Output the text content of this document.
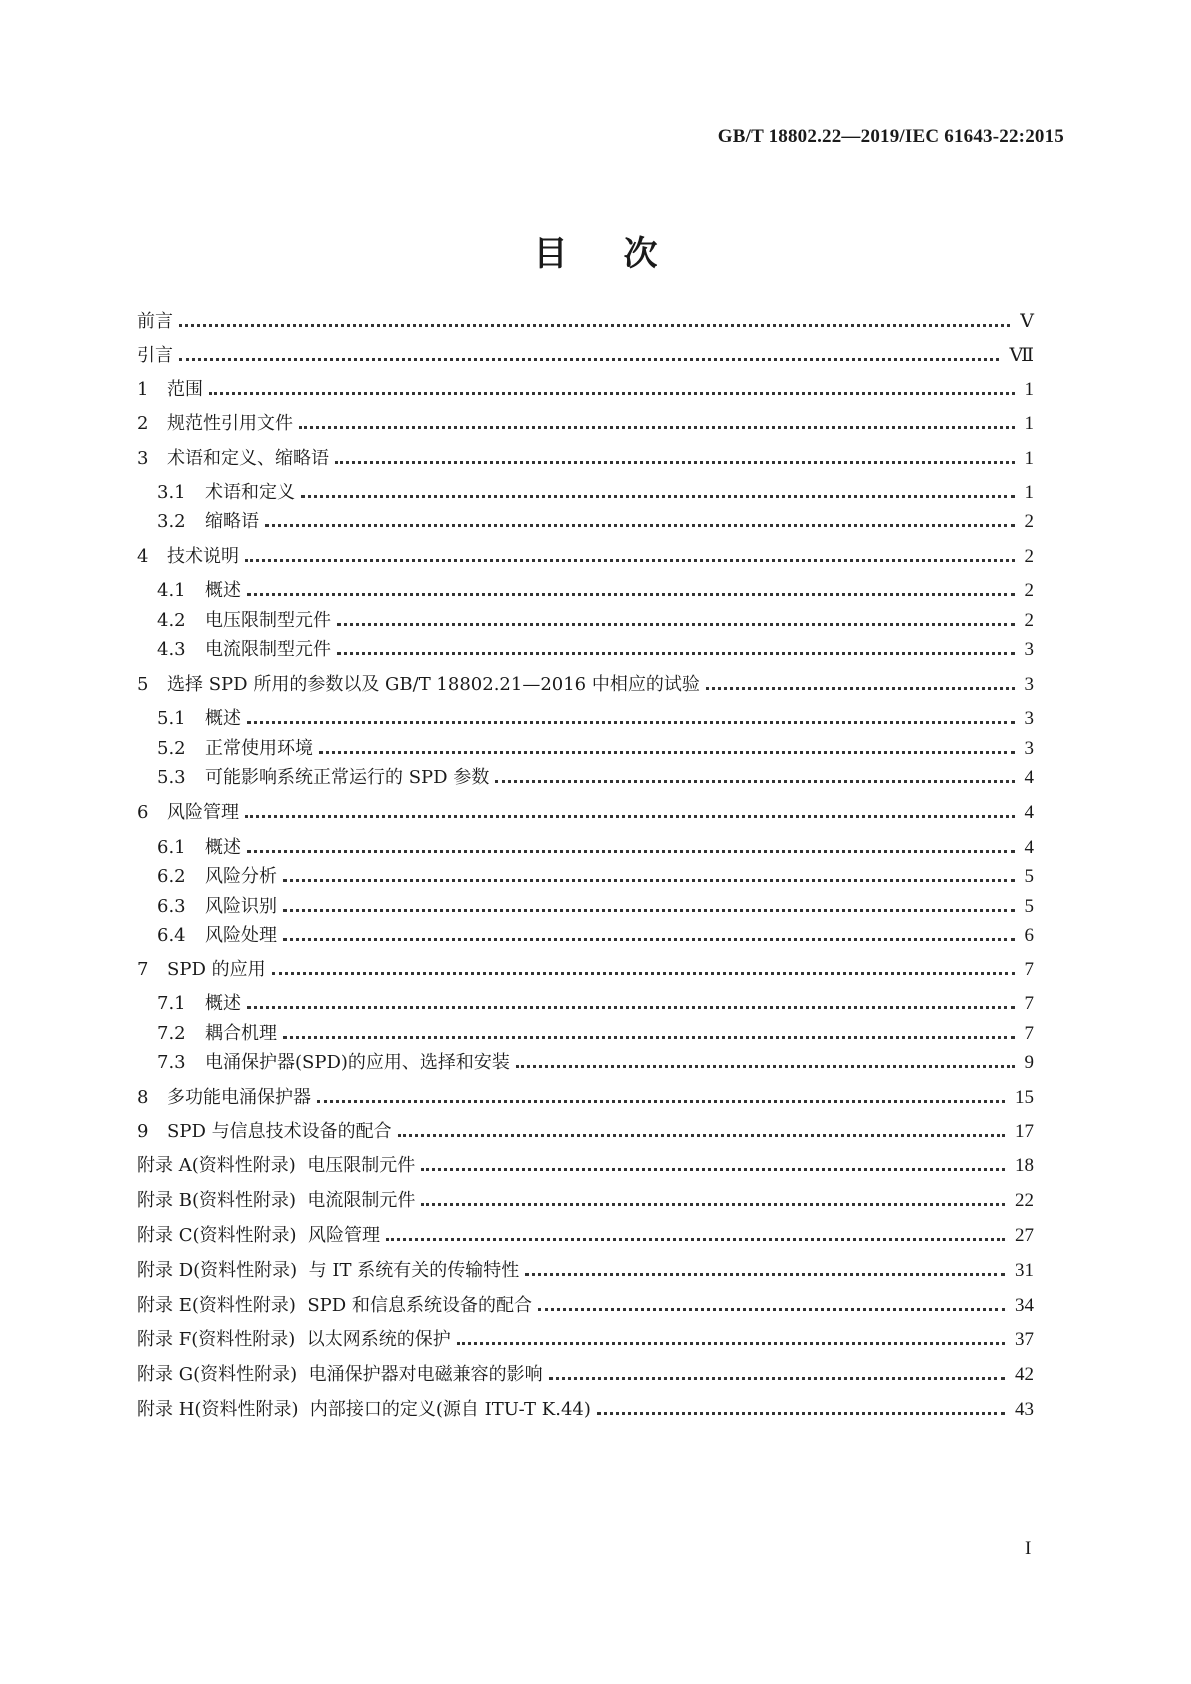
GB/T 18802.22—2019/IEC 61643-22:2015
目次
前言	Ⅴ
引言	Ⅶ
1	范围	1
2	规范性引用文件	1
3	术语和定义、缩略语	1
3.1	术语和定义	1
3.2	缩略语	2
4	技术说明	2
4.1	概述	2
4.2	电压限制型元件	2
4.3	电流限制型元件	3
5	选择 SPD 所用的参数以及 GB/T 18802.21—2016 中相应的试验	3
5.1	概述	3
5.2	正常使用环境	3
5.3	可能影响系统正常运行的 SPD 参数	4
6	风险管理	4
6.1	概述	4
6.2	风险分析	5
6.3	风险识别	5
6.4	风险处理	6
7	SPD 的应用	7
7.1	概述	7
7.2	耦合机理	7
7.3	电涌保护器(SPD)的应用、选择和安装	9
8	多功能电涌保护器	15
9	SPD 与信息技术设备的配合	17
附录 A(资料性附录)  电压限制元件	18
附录 B(资料性附录)  电流限制元件	22
附录 C(资料性附录)  风险管理	27
附录 D(资料性附录)  与 IT 系统有关的传输特性	31
附录 E(资料性附录)  SPD 和信息系统设备的配合	34
附录 F(资料性附录)  以太网系统的保护	37
附录 G(资料性附录)  电涌保护器对电磁兼容的影响	42
附录 H(资料性附录)  内部接口的定义(源自 ITU-T K.44)	43
I
